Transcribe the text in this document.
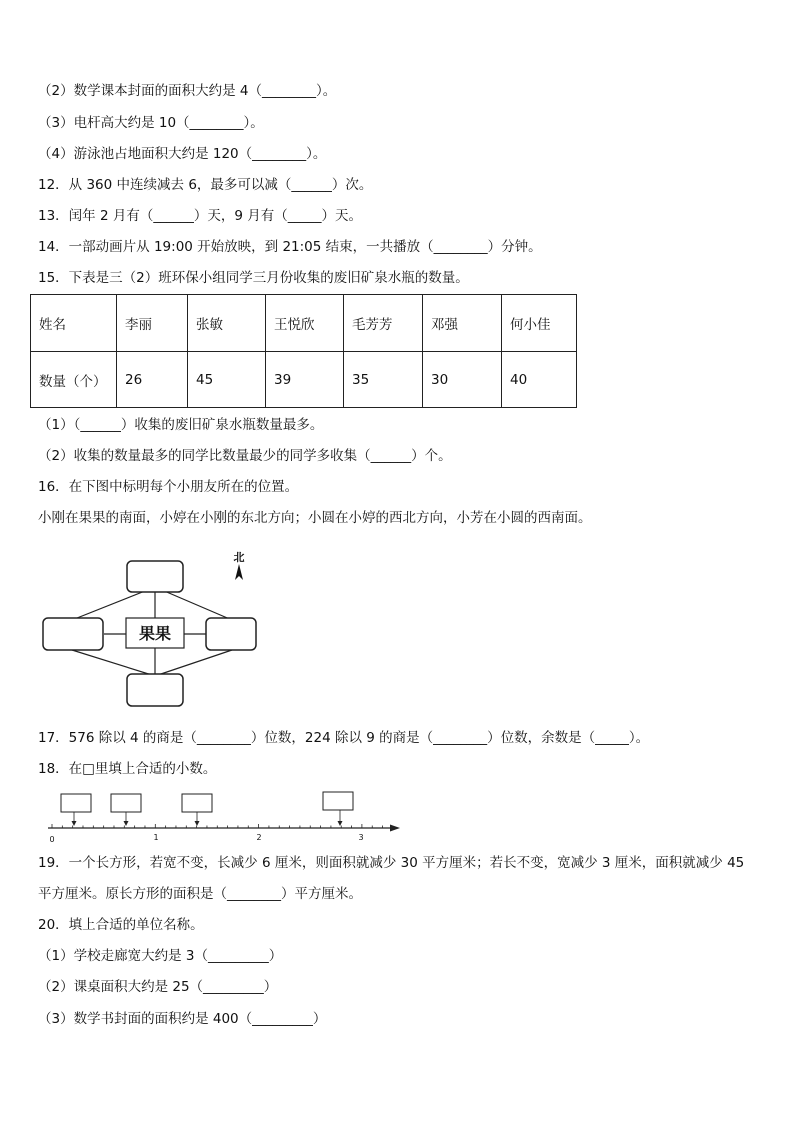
（2）数学课本封面的面积大约是 4（________）。
（3）电杆高大约是 10（________）。
（4）游泳池占地面积大约是 120（________）。
12．从 360 中连续减去 6，最多可以减（______）次。
13．闰年 2 月有（______）天，9 月有（_____）天。
14．一部动画片从 19:00 开始放映，到 21:05 结束，一共播放（________）分钟。
15．下表是三（2）班环保小组同学三月份收集的废旧矿泉水瓶的数量。
姓名	李丽	张敏	王悦欣	毛芳芳	邓强	何小佳
数量（个）	26	45	39	35	30	40
（1）（______）收集的废旧矿泉水瓶数量最多。
（2）收集的数量最多的同学比数量最少的同学多收集（______）个。
16．在下图中标明每个小朋友所在的位置。
小刚在果果的南面，小婷在小刚的东北方向；小圆在小婷的西北方向，小芳在小圆的西南面。
果果
北
17．576 除以 4 的商是（________）位数，224 除以 9 的商是（________）位数，余数是（_____）。
18．在□里填上合适的小数。
0	1	2	3
19．一个长方形，若宽不变，长减少 6 厘米，则面积就减少 30 平方厘米；若长不变，宽减少 3 厘米，面积就减少 45
平方厘米。原长方形的面积是（________）平方厘米。
20．填上合适的单位名称。
（1）学校走廊宽大约是 3（_________）
（2）课桌面积大约是 25（_________）
（3）数学书封面的面积约是 400（_________）
